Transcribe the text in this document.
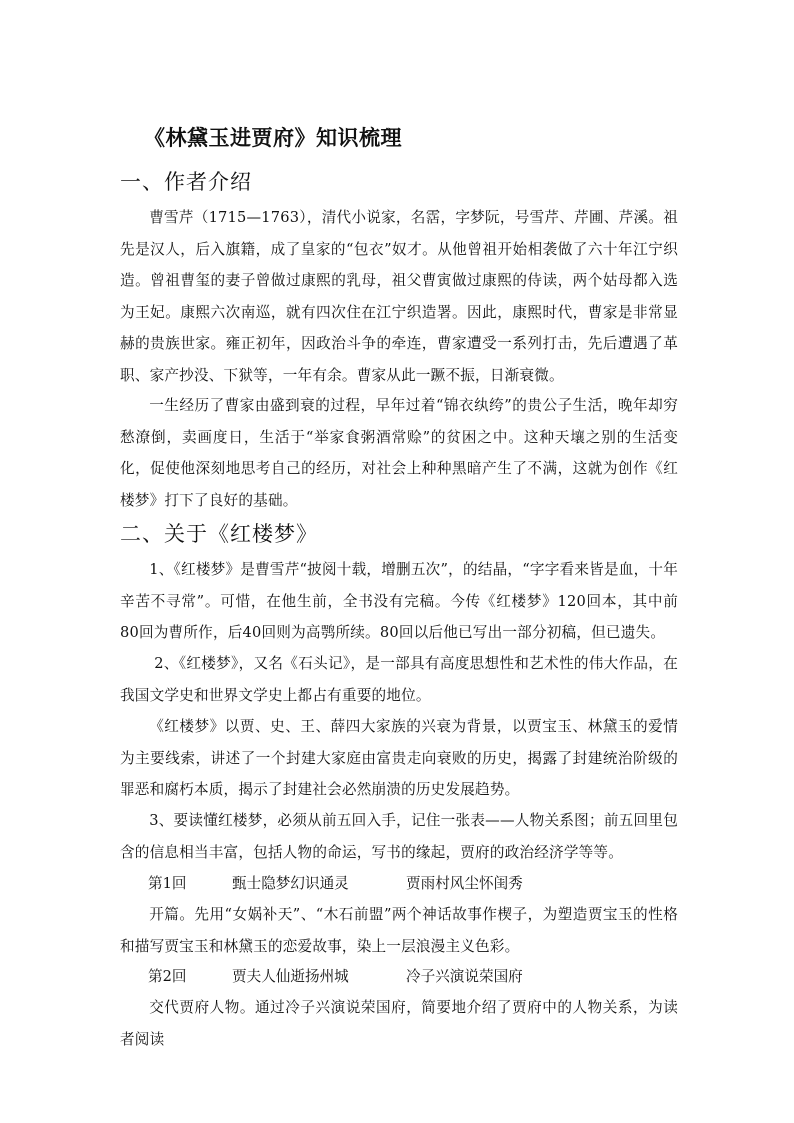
《林黛玉进贾府》知识梳理
一、作者介绍

曹雪芹（1715—1763），清代小说家，名霑，字梦阮，号雪芹、芹圃、芹溪。祖先是汉人，后入旗籍，成了皇家的“包衣”奴才。从他曾祖开始相袭做了六十年江宁织造。曾祖曹玺的妻子曾做过康熙的乳母，祖父曹寅做过康熙的侍读，两个姑母都入选为王妃。康熙六次南巡，就有四次住在江宁织造署。因此，康熙时代，曹家是非常显赫的贵族世家。雍正初年，因政治斗争的牵连，曹家遭受一系列打击，先后遭遇了革职、家产抄没、下狱等，一年有余。曹家从此一蹶不振，日渐衰微。

一生经历了曹家由盛到衰的过程，早年过着“锦衣纨绔”的贵公子生活，晚年却穷愁潦倒，卖画度日，生活于“举家食粥酒常赊”的贫困之中。这种天壤之别的生活变化，促使他深刻地思考自己的经历，对社会上种种黑暗产生了不满，这就为创作《红楼梦》打下了良好的基础。

二、关于《红楼梦》

1、《红楼梦》是曹雪芹“披阅十载，增删五次”，的结晶，“字字看来皆是血，十年辛苦不寻常”。可惜，在他生前，全书没有完稿。今传《红楼梦》120回本，其中前80回为曹所作，后40回则为高鹗所续。80回以后他已写出一部分初稿，但已遗失。

2、《红楼梦》，又名《石头记》，是一部具有高度思想性和艺术性的伟大作品，在我国文学史和世界文学史上都占有重要的地位。

《红楼梦》以贾、史、王、薛四大家族的兴衰为背景，以贾宝玉、林黛玉的爱情为主要线索，讲述了一个封建大家庭由富贵走向衰败的历史，揭露了封建统治阶级的罪恶和腐朽本质，揭示了封建社会必然崩溃的历史发展趋势。

3、要读懂红楼梦，必须从前五回入手，记住一张表——人物关系图；前五回里包含的信息相当丰富，包括人物的命运，写书的缘起，贾府的政治经济学等等。

第1回	甄士隐梦幻识通灵	贾雨村风尘怀闺秀

开篇。先用“女娲补天”、“木石前盟”两个神话故事作楔子，为塑造贾宝玉的性格和描写贾宝玉和林黛玉的恋爱故事，染上一层浪漫主义色彩。

第2回	贾夫人仙逝扬州城	冷子兴演说荣国府

交代贾府人物。通过冷子兴演说荣国府，简要地介绍了贾府中的人物关系，为读者阅读
